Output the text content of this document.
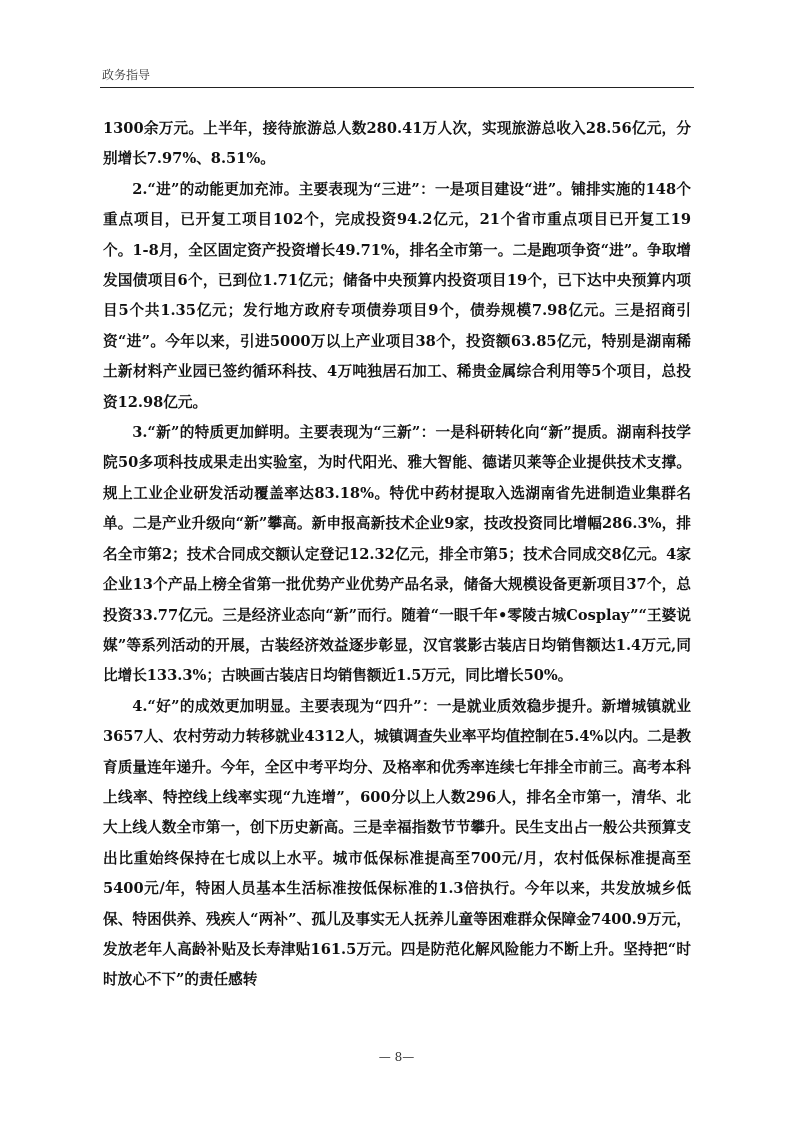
政务指导

1300余万元。上半年，接待旅游总人数280.41万人次，实现旅游总收入28.56亿元，分别增长7.97%、8.51%。

2.“进”的动能更加充沛。主要表现为“三进”：一是项目建设“进”。铺排实施的148个重点项目，已开复工项目102个，完成投资94.2亿元，21个省市重点项目已开复工19个。1-8月，全区固定资产投资增长49.71%，排名全市第一。二是跑项争资“进”。争取增发国债项目6个，已到位1.71亿元；储备中央预算内投资项目19个，已下达中央预算内项目5个共1.35亿元；发行地方政府专项债券项目9个，债券规模7.98亿元。三是招商引资“进”。今年以来，引进5000万以上产业项目38个，投资额63.85亿元，特别是湖南稀土新材料产业园已签约循环科技、4万吨独居石加工、稀贵金属综合利用等5个项目，总投资12.98亿元。

3.“新”的特质更加鲜明。主要表现为“三新”：一是科研转化向“新”提质。湖南科技学院50多项科技成果走出实验室，为时代阳光、雅大智能、德诺贝莱等企业提供技术支撑。规上工业企业研发活动覆盖率达83.18%。特优中药材提取入选湖南省先进制造业集群名单。二是产业升级向“新”攀高。新申报高新技术企业9家，技改投资同比增幅286.3%，排名全市第2；技术合同成交额认定登记12.32亿元，排全市第5；技术合同成交8亿元。4家企业13个产品上榜全省第一批优势产业优势产品名录，储备大规模设备更新项目37个，总投资33.77亿元。三是经济业态向“新”而行。随着“一眼千年•零陵古城Cosplay”“王婆说媒”等系列活动的开展，古装经济效益逐步彰显，汉官裳影古装店日均销售额达1.4万元,同比增长133.3%；古映画古装店日均销售额近1.5万元，同比增长50%。

4.“好”的成效更加明显。主要表现为“四升”：一是就业质效稳步提升。新增城镇就业3657人、农村劳动力转移就业4312人，城镇调查失业率平均值控制在5.4%以内。二是教育质量连年递升。今年，全区中考平均分、及格率和优秀率连续七年排全市前三。高考本科上线率、特控线上线率实现“九连增”，600分以上人数296人，排名全市第一，清华、北大上线人数全市第一，创下历史新高。三是幸福指数节节攀升。民生支出占一般公共预算支出比重始终保持在七成以上水平。城市低保标准提高至700元/月，农村低保标准提高至5400元/年，特困人员基本生活标准按低保标准的1.3倍执行。今年以来，共发放城乡低保、特困供养、残疾人“两补”、孤儿及事实无人抚养儿童等困难群众保障金7400.9万元，发放老年人高龄补贴及长寿津贴161.5万元。四是防范化解风险能力不断上升。坚持把“时时放心不下”的责任感转

— 8—
